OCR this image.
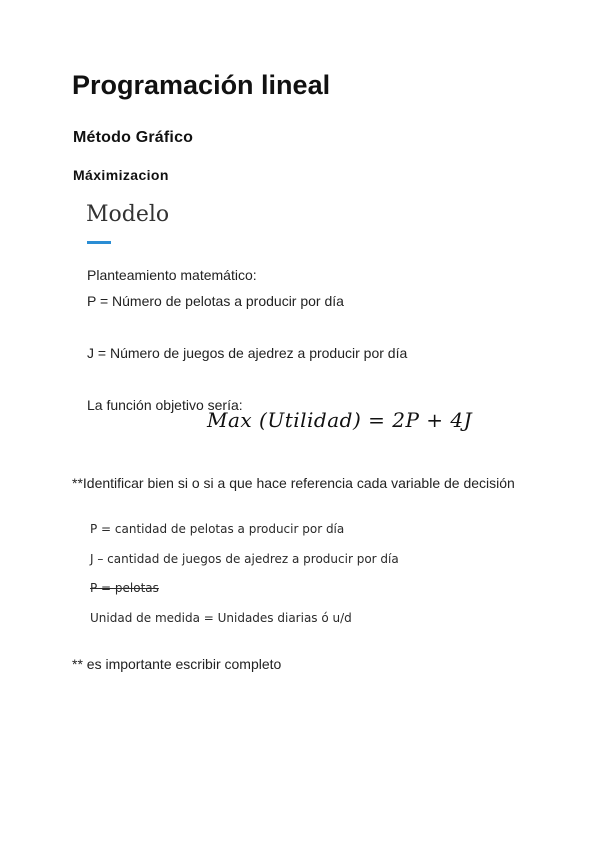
Programación lineal
Método Gráfico
Máximizacion
Modelo
Planteamiento matemático:
P = Número de pelotas a producir por día
J = Número de juegos de ajedrez a producir por día
La función objetivo sería:
Max (Utilidad) = 2P + 4J
**Identificar bien si o si a que hace referencia cada variable de decisión
P = cantidad de pelotas a producir por día
J – cantidad de juegos de ajedrez a producir por día
P = pelotas
Unidad de medida = Unidades diarias ó u/d
** es importante escribir completo
